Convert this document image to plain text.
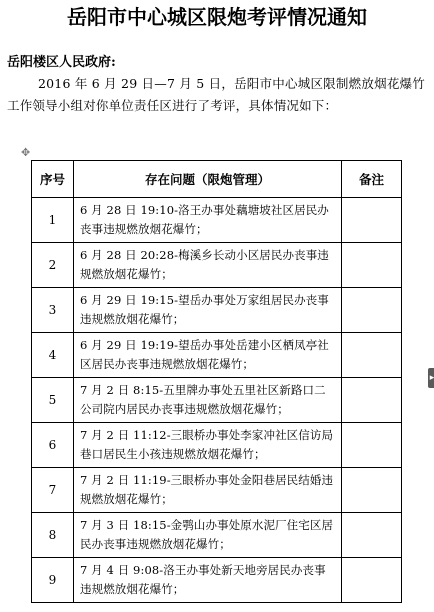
岳阳市中心城区限炮考评情况通知
岳阳楼区人民政府:
2016 年 6 月 29 日—7 月 5 日，岳阳市中心城区限制燃放烟花爆竹工作领导小组对你单位责任区进行了考评，具体情况如下：
✥
▸
序号	存在问题（限炮管理）	备注
1	6 月 28 日 19:10-洛王办事处藕塘坡社区居民办丧事违规燃放烟花爆竹；	
2	6 月 28 日 20:28-梅溪乡长动小区居民办丧事违规燃放烟花爆竹；	
3	6 月 29 日 19:15-望岳办事处万家组居民办丧事违规燃放烟花爆竹；	
4	6 月 29 日 19:19-望岳办事处岳建小区栖凤亭社区居民办丧事违规燃放烟花爆竹；	
5	7 月 2 日 8:15-五里牌办事处五里社区新路口二公司院内居民办丧事违规燃放烟花爆竹；	
6	7 月 2 日 11:12-三眼桥办事处李家冲社区信访局巷口居民生小孩违规燃放烟花爆竹；	
7	7 月 2 日 11:19-三眼桥办事处金阳巷居民结婚违规燃放烟花爆竹；	
8	7 月 3 日 18:15-金鹗山办事处原水泥厂住宅区居民办丧事违规燃放烟花爆竹；	
9	7 月 4 日 9:08-洛王办事处新天地旁居民办丧事违规燃放烟花爆竹；	
